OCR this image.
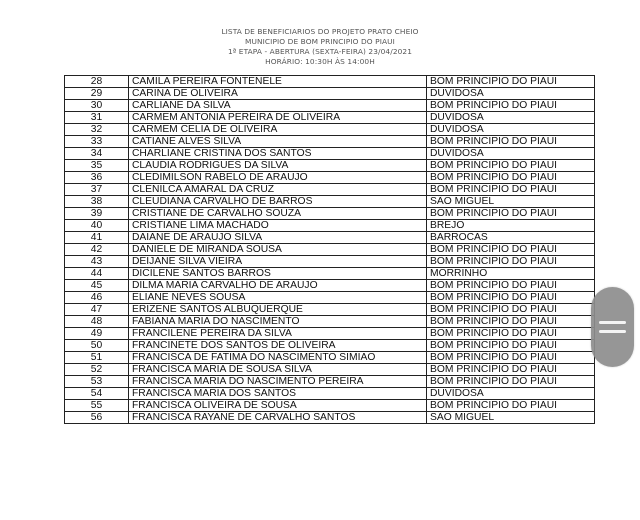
LISTA DE BENEFICIARIOS DO PROJETO PRATO CHEIO
MUNICIPIO DE BOM PRINCIPIO DO PIAUI
1ª ETAPA - ABERTURA (SEXTA-FEIRA) 23/04/2021
HORÁRIO: 10:30H ÀS 14:00H
28	CAMILA PEREIRA FONTENELE	BOM PRINCIPIO DO PIAUI
29	CARINA DE OLIVEIRA	DUVIDOSA
30	CARLIANE DA SILVA	BOM PRINCIPIO DO PIAUI
31	CARMEM ANTONIA PEREIRA DE OLIVEIRA	DUVIDOSA
32	CARMEM CELIA DE OLIVEIRA	DUVIDOSA
33	CATIANE ALVES SILVA	BOM PRINCIPIO DO PIAUI
34	CHARLIANE CRISTINA DOS SANTOS	DUVIDOSA
35	CLAUDIA RODRIGUES DA SILVA	BOM PRINCIPIO DO PIAUI
36	CLEDIMILSON RABELO DE ARAUJO	BOM PRINCIPIO DO PIAUI
37	CLENILCA AMARAL DA CRUZ	BOM PRINCIPIO DO PIAUI
38	CLEUDIANA CARVALHO DE BARROS	SÃO MIGUEL
39	CRISTIANE DE CARVALHO SOUZA	BOM PRINCIPIO DO PIAUI
40	CRISTIANE LIMA MACHADO	BREJO
41	DAIANE DE ARAUJO SILVA	BARROCAS
42	DANIELE DE MIRANDA SOUSA	BOM PRINCIPIO DO PIAUI
43	DEIJANE SILVA VIEIRA	BOM PRINCIPIO DO PIAUI
44	DICILENE SANTOS BARROS	MORRINHO
45	DILMA MARIA CARVALHO DE ARAUJO	BOM PRINCIPIO DO PIAUI
46	ELIANE NEVES SOUSA	BOM PRINCIPIO DO PIAUI
47	ERIZENE SANTOS ALBUQUERQUE	BOM PRINCIPIO DO PIAUI
48	FABIANA MARIA DO NASCIMENTO	BOM PRINCIPIO DO PIAUI
49	FRANCILENE PEREIRA DA SILVA	BOM PRINCIPIO DO PIAUI
50	FRANCINETE DOS SANTOS DE OLIVEIRA	BOM PRINCIPIO DO PIAUI
51	FRANCISCA DE FATIMA DO NASCIMENTO SIMIAO	BOM PRINCIPIO DO PIAUI
52	FRANCISCA MARIA DE SOUSA SILVA	BOM PRINCIPIO DO PIAUI
53	FRANCISCA MARIA DO NASCIMENTO PEREIRA	BOM PRINCIPIO DO PIAUI
54	FRANCISCA MARIA DOS SANTOS	DUVIDOSA
55	FRANCISCA OLIVEIRA DE SOUSA	BOM PRINCIPIO DO PIAUI
56	FRANCISCA RAYANE DE CARVALHO SANTOS	SÃO MIGUEL
